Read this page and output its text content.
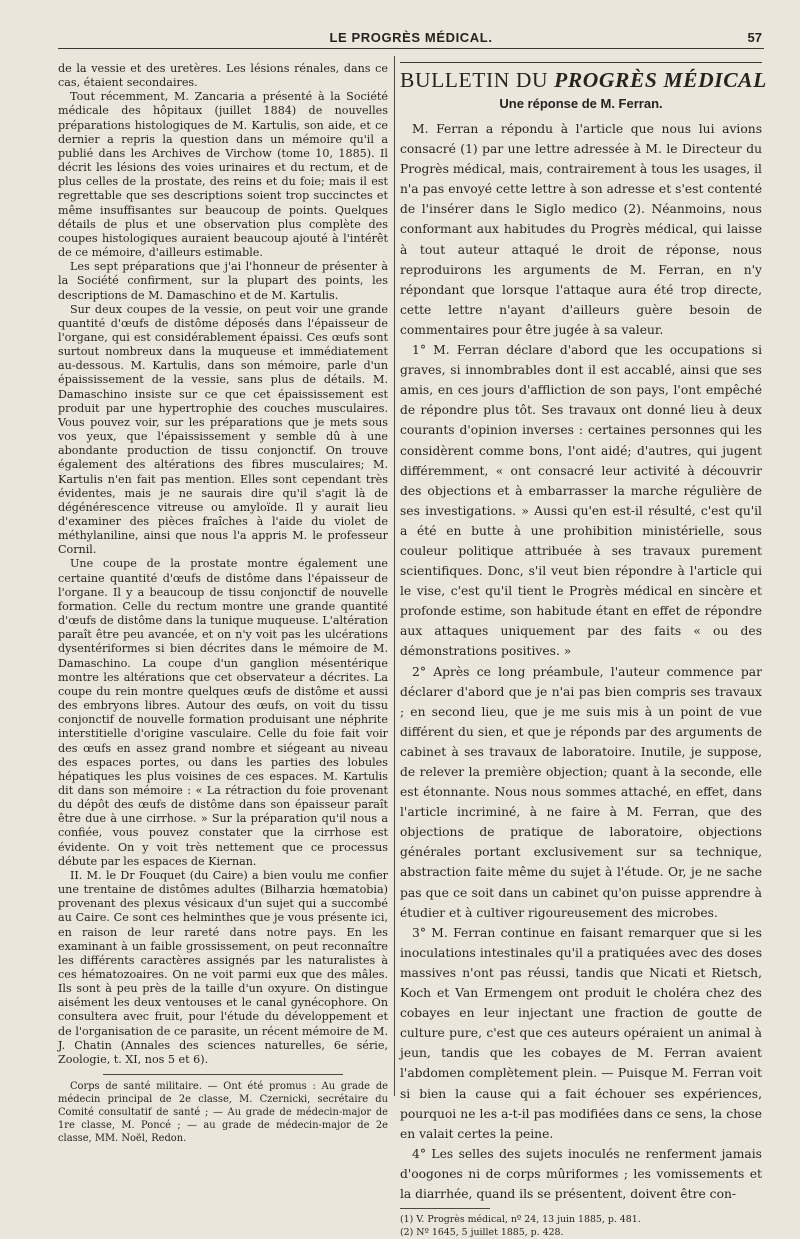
LE PROGRÈS MÉDICAL.	57

de la vessie et des uretères. Les lésions rénales, dans ce cas, étaient secondaires.

Tout récemment, M. Zancaria a présenté à la Société médicale des hôpitaux (juillet 1884) de nouvelles préparations histologiques de M. Kartulis, son aide, et ce dernier a repris la question dans un mémoire qu'il a publié dans les Archives de Virchow (tome 10, 1885). Il décrit les lésions des voies urinaires et du rectum, et de plus celles de la prostate, des reins et du foie; mais il est regrettable que ses descriptions soient trop succinctes et même insuffisantes sur beaucoup de points. Quelques détails de plus et une observation plus complète des coupes histologiques auraient beaucoup ajouté à l'intérêt de ce mémoire, d'ailleurs estimable.

Les sept préparations que j'ai l'honneur de présenter à la Société confirment, sur la plupart des points, les descriptions de M. Damaschino et de M. Kartulis.

Sur deux coupes de la vessie, on peut voir une grande quantité d'œufs de distôme déposés dans l'épaisseur de l'organe, qui est considérablement épaissi. Ces œufs sont surtout nombreux dans la muqueuse et immédiatement au-dessous. M. Kartulis, dans son mémoire, parle d'un épaississement de la vessie, sans plus de détails. M. Damaschino insiste sur ce que cet épaississement est produit par une hypertrophie des couches musculaires. Vous pouvez voir, sur les préparations que je mets sous vos yeux, que l'épaississement y semble dû à une abondante production de tissu conjonctif. On trouve également des altérations des fibres musculaires; M. Kartulis n'en fait pas mention. Elles sont cependant très évidentes, mais je ne saurais dire qu'il s'agit là de dégénérescence vitreuse ou amyloïde. Il y aurait lieu d'examiner des pièces fraîches à l'aide du violet de méthylaniline, ainsi que nous l'a appris M. le professeur Cornil.

Une coupe de la prostate montre également une certaine quantité d'œufs de distôme dans l'épaisseur de l'organe. Il y a beaucoup de tissu conjonctif de nouvelle formation. Celle du rectum montre une grande quantité d'œufs de distôme dans la tunique muqueuse. L'altération paraît être peu avancée, et on n'y voit pas les ulcérations dysentériformes si bien décrites dans le mémoire de M. Damaschino. La coupe d'un ganglion mésentérique montre les altérations que cet observateur a décrites. La coupe du rein montre quelques œufs de distôme et aussi des embryons libres. Autour des œufs, on voit du tissu conjonctif de nouvelle formation produisant une néphrite interstitielle d'origine vasculaire. Celle du foie fait voir des œufs en assez grand nombre et siégeant au niveau des espaces portes, ou dans les parties des lobules hépatiques les plus voisines de ces espaces. M. Kartulis dit dans son mémoire : « La rétraction du foie provenant du dépôt des œufs de distôme dans son épaisseur paraît être due à une cirrhose. » Sur la préparation qu'il nous a confiée, vous pouvez constater que la cirrhose est évidente. On y voit très nettement que ce processus débute par les espaces de Kiernan.

II. M. le Dr Fouquet (du Caire) a bien voulu me confier une trentaine de distômes adultes (Bilharzia hœmatobia) provenant des plexus vésicaux d'un sujet qui a succombé au Caire. Ce sont ces helminthes que je vous présente ici, en raison de leur rareté dans notre pays. En les examinant à un faible grossissement, on peut reconnaître les différents caractères assignés par les naturalistes à ces hématozoaires. On ne voit parmi eux que des mâles. Ils sont à peu près de la taille d'un oxyure. On distingue aisément les deux ventouses et le canal gynécophore. On consultera avec fruit, pour l'étude du développement et de l'organisation de ce parasite, un récent mémoire de M. J. Chatin (Annales des sciences naturelles, 6e série, Zoologie, t. XI, nos 5 et 6).

Corps de santé militaire. — Ont été promus : Au grade de médecin principal de 2e classe, M. Czernicki, secrétaire du Comité consultatif de santé ; — Au grade de médecin-major de 1re classe, M. Poncé ; — au grade de médecin-major de 2e classe, MM. Noël, Redon.

BULLETIN DU PROGRÈS MÉDICAL
Une réponse de M. Ferran.

M. Ferran a répondu à l'article que nous lui avions consacré (1) par une lettre adressée à M. le Directeur du Progrès médical, mais, contrairement à tous les usages, il n'a pas envoyé cette lettre à son adresse et s'est contenté de l'insérer dans le Siglo medico (2). Néanmoins, nous conformant aux habitudes du Progrès médical, qui laisse à tout auteur attaqué le droit de réponse, nous reproduirons les arguments de M. Ferran, en n'y répondant que lorsque l'attaque aura été trop directe, cette lettre n'ayant d'ailleurs guère besoin de commentaires pour être jugée à sa valeur.

1° M. Ferran déclare d'abord que les occupations si graves, si innombrables dont il est accablé, ainsi que ses amis, en ces jours d'affliction de son pays, l'ont empêché de répondre plus tôt. Ses travaux ont donné lieu à deux courants d'opinion inverses : certaines personnes qui les considèrent comme bons, l'ont aidé; d'autres, qui jugent différemment, « ont consacré leur activité à découvrir des objections et à embarrasser la marche régulière de ses investigations. » Aussi qu'en est-il résulté, c'est qu'il a été en butte à une prohibition ministérielle, sous couleur politique attribuée à ses travaux purement scientifiques. Donc, s'il veut bien répondre à l'article qui le vise, c'est qu'il tient le Progrès médical en sincère et profonde estime, son habitude étant en effet de répondre aux attaques uniquement par des faits « ou des démonstrations positives. »

2° Après ce long préambule, l'auteur commence par déclarer d'abord que je n'ai pas bien compris ses travaux ; en second lieu, que je me suis mis à un point de vue différent du sien, et que je réponds par des arguments de cabinet à ses travaux de laboratoire. Inutile, je suppose, de relever la première objection; quant à la seconde, elle est étonnante. Nous nous sommes attaché, en effet, dans l'article incriminé, à ne faire à M. Ferran, que des objections de pratique de laboratoire, objections générales portant exclusivement sur sa technique, abstraction faite même du sujet à l'étude. Or, je ne sache pas que ce soit dans un cabinet qu'on puisse apprendre à étudier et à cultiver rigoureusement des microbes.

3° M. Ferran continue en faisant remarquer que si les inoculations intestinales qu'il a pratiquées avec des doses massives n'ont pas réussi, tandis que Nicati et Rietsch, Koch et Van Ermengem ont produit le choléra chez des cobayes en leur injectant une fraction de goutte de culture pure, c'est que ces auteurs opéraient un animal à jeun, tandis que les cobayes de M. Ferran avaient l'abdomen complètement plein. — Puisque M. Ferran voit si bien la cause qui a fait échouer ses expériences, pourquoi ne les a-t-il pas modifiées dans ce sens, la chose en valait certes la peine.

4° Les selles des sujets inoculés ne renferment jamais d'oogones ni de corps mûriformes ; les vomissements et la diarrhée, quand ils se présentent, doivent être con-

(1) V. Progrès médical, nº 24, 13 juin 1885, p. 481.

(2) Nº 1645, 5 juillet 1885, p. 428.
